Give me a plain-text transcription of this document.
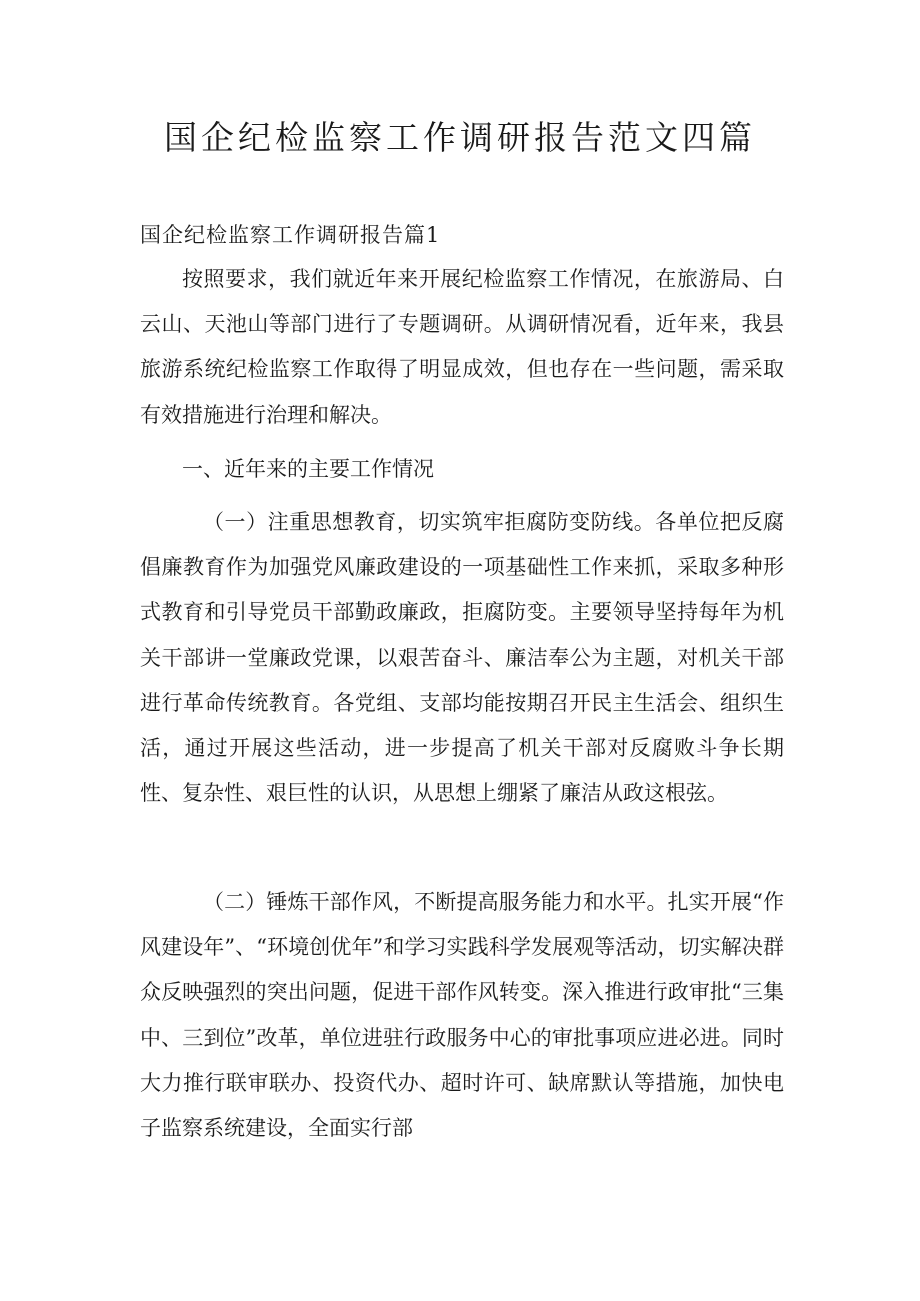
国企纪检监察工作调研报告范文四篇
国企纪检监察工作调研报告篇1

按照要求，我们就近年来开展纪检监察工作情况，在旅游局、白云山、天池山等部门进行了专题调研。从调研情况看，近年来，我县旅游系统纪检监察工作取得了明显成效，但也存在一些问题，需采取有效措施进行治理和解决。

一、近年来的主要工作情况

（一）注重思想教育，切实筑牢拒腐防变防线。各单位把反腐倡廉教育作为加强党风廉政建设的一项基础性工作来抓，采取多种形式教育和引导党员干部勤政廉政，拒腐防变。主要领导坚持每年为机关干部讲一堂廉政党课，以艰苦奋斗、廉洁奉公为主题，对机关干部进行革命传统教育。各党组、支部均能按期召开民主生活会、组织生活，通过开展这些活动，进一步提高了机关干部对反腐败斗争长期性、复杂性、艰巨性的认识，从思想上绷紧了廉洁从政这根弦。

（二）锤炼干部作风，不断提高服务能力和水平。扎实开展“作风建设年”、“环境创优年”和学习实践科学发展观等活动，切实解决群众反映强烈的突出问题，促进干部作风转变。深入推进行政审批“三集中、三到位”改革，单位进驻行政服务中心的审批事项应进必进。同时大力推行联审联办、投资代办、超时许可、缺席默认等措施，加快电子监察系统建设，全面实行部
